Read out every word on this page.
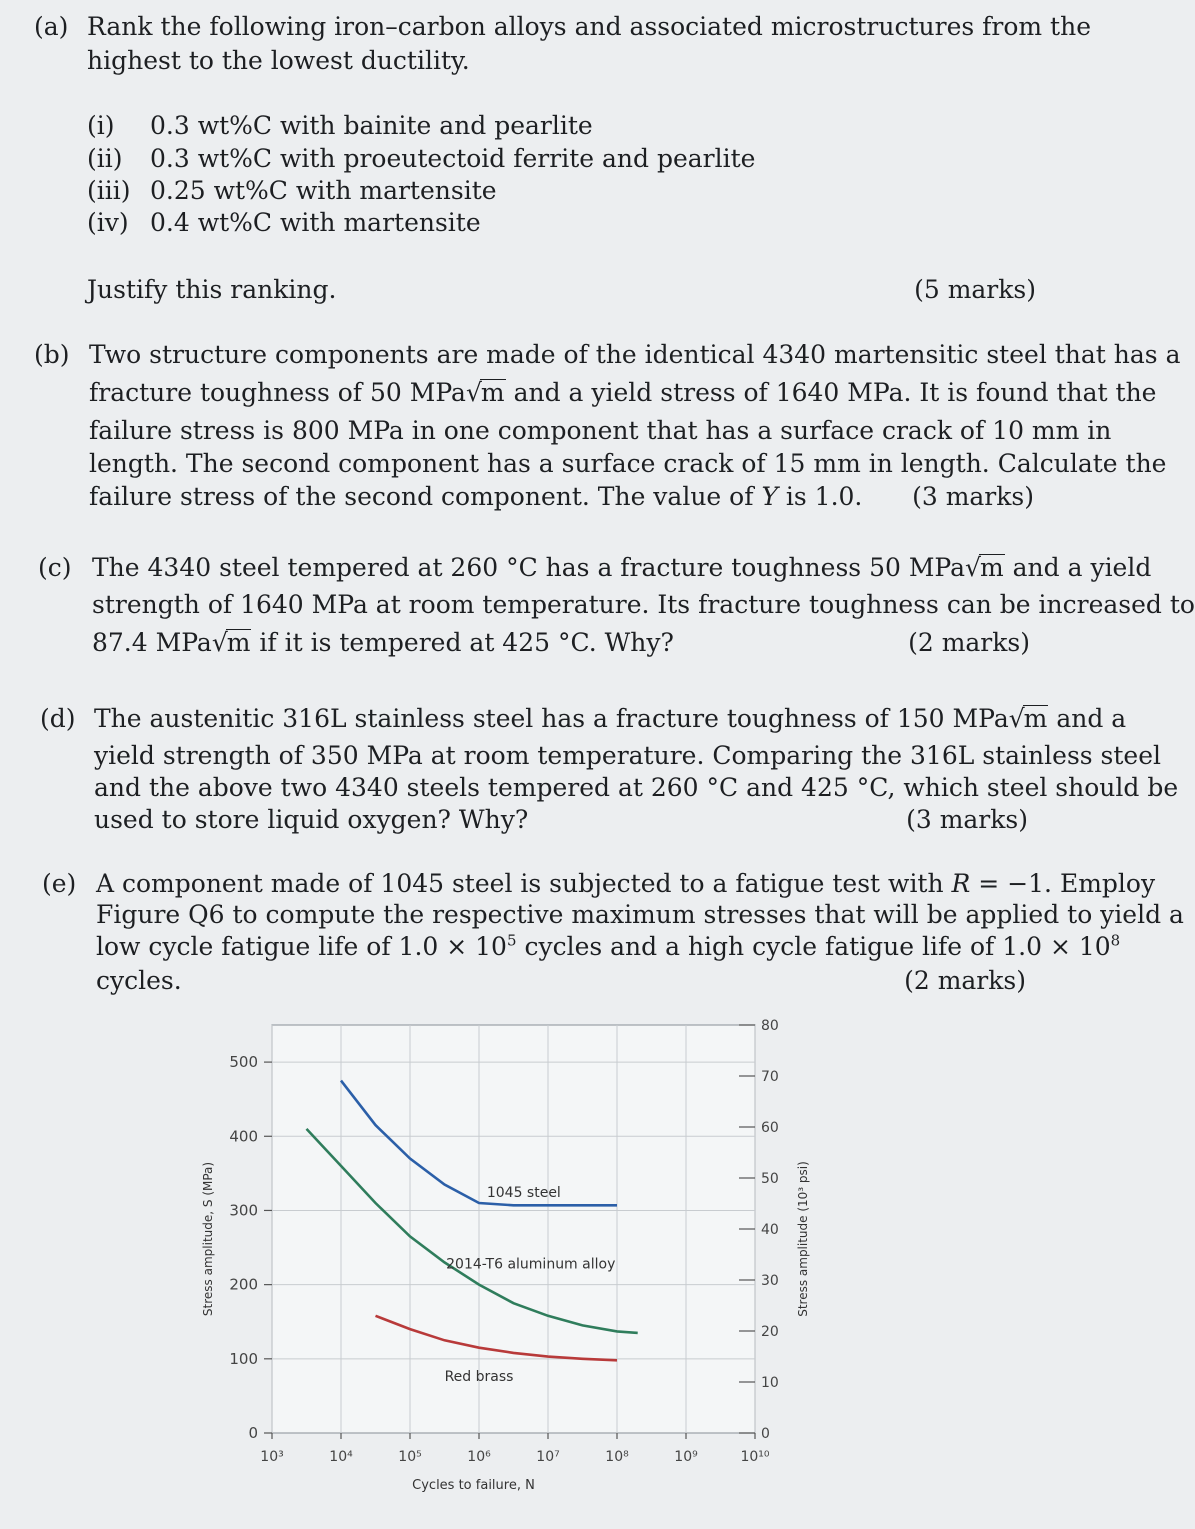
(a) Rank the following iron–carbon alloys and associated microstructures from the
highest to the lowest ductility.
(i) 0.3 wt%C with bainite and pearlite
(ii) 0.3 wt%C with proeutectoid ferrite and pearlite
(iii) 0.25 wt%C with martensite
(iv) 0.4 wt%C with martensite
Justify this ranking.	(5 marks)
(b) Two structure components are made of the identical 4340 martensitic steel that has a
fracture toughness of 50 MPa√m and a yield stress of 1640 MPa. It is found that the
failure stress is 800 MPa in one component that has a surface crack of 10 mm in
length. The second component has a surface crack of 15 mm in length. Calculate the
failure stress of the second component. The value of Y is 1.0. (3 marks)
(c) The 4340 steel tempered at 260 °C has a fracture toughness 50 MPa√m and a yield
strength of 1640 MPa at room temperature. Its fracture toughness can be increased to
87.4 MPa√m if it is tempered at 425 °C. Why?	(2 marks)
(d) The austenitic 316L stainless steel has a fracture toughness of 150 MPa√m and a
yield strength of 350 MPa at room temperature. Comparing the 316L stainless steel
and the above two 4340 steels tempered at 260 °C and 425 °C, which steel should be
used to store liquid oxygen? Why?	(3 marks)
(e) A component made of 1045 steel is subjected to a fatigue test with R = −1. Employ
Figure Q6 to compute the respective maximum stresses that will be applied to yield a
low cycle fatigue life of $1.0 \times 10^5$ cycles and a high cycle fatigue life of $1.0 \times 10^8$
cycles.	(2 marks)
10³	10⁴	10⁵	10⁶	10⁷	10⁸	10⁹	10¹⁰
0
100
200
300
400
500
0
10
20
30
40
50
60
70
80
1045 steel
2014-T6 aluminum alloy
Red brass
Cycles to failure, N
Stress amplitude, S (MPa)	Stress amplitude (10³ psi)
